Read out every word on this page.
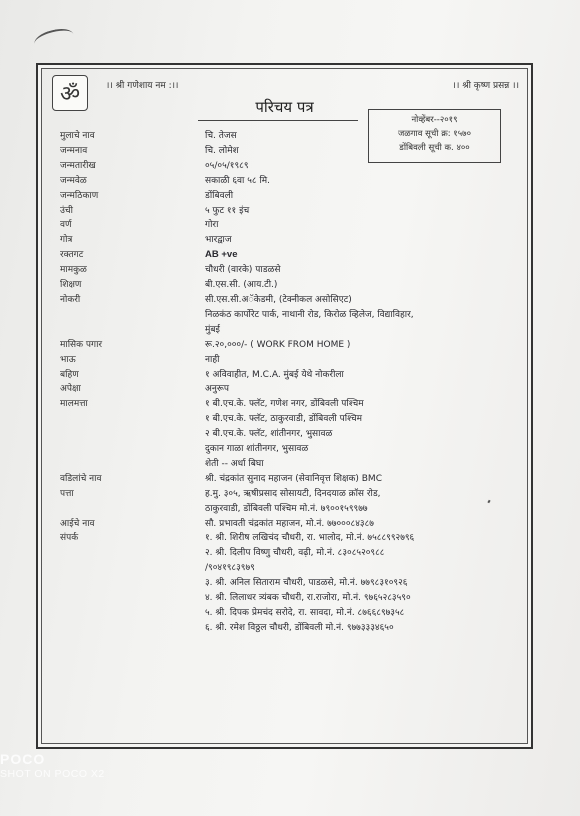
ॐ	।। श्री गणेशाय नम :।।	।। श्री कृष्ण प्रसन्न ।।
परिचय पत्र
नोव्हेंबर--२०१९
जळगाव सूची क्र: १५७०
डोंबिवली सूची क. ४००
मुलाचे नाव	चि. तेजस
जन्मनाव	चि. लोमेश
जन्मतारीख	०५/०५/१९८९
जन्मवेळ	सकाळी ६वा ५८ मि.
जन्मठिकाण	डोंबिवली
उंची	५ फुट ११ इंच
वर्ण	गोरा
गोत्र	भारद्वाज
रक्तगट	AB +ve
मामकुळ	चौधरी (वारके) पाडळसे
शिक्षण	बी.एस.सी. (आय.टी.)
नोकरी	सी.एस.सी.अॅकेडमी, (टेक्नीकल असोसिएट)
निळकंठ कार्पोरेट पार्क, नाथानी रोड, किरोळ व्हिलेज, विद्याविहार,
मुंबई
मासिक पगार	रू.२०,०००/- ( WORK FROM HOME )
भाऊ	नाही
बहिण	१ अविवाहीत, M.C.A. मुंबई येथे नोकरीला
अपेक्षा	अनुरूप
मालमत्ता	१ बी.एच.के. फ्लॅट, गणेश नगर, डोंबिवली पश्चिम
१ बी.एच.के. फ्लॅट, ठाकुरवाडी, डोंबिवली पश्चिम
२ बी.एच.के. फ्लॅट, शांतीनगर, भुसावळ
दुकान गाळा शांतीनगर, भुसावळ
शेती -- अर्धा बिघा
वडिलांचे नाव	श्री. चंद्रकांत सुनाद महाजन (सेवानिवृत्त शिक्षक) BMC
पत्ता	ह.मु. ३०५, ऋषीप्रसाद सोसायटी, दिनदयाळ क्रॉस रोड,
ठाकुरवाडी, डोंबिवली पश्चिम मो.नं. ७९००१५९९७७
आईचे नाव	सौ. प्रभावती चंद्रकांत महाजन, मो.नं. ७७०००८४३८७
संपर्क	१. श्री. शिरीष लखिचंद चौधरी, रा. भालोद, मो.नं. ७५८८९९२७९६
२. श्री. दिलीप विष्णु चौधरी, वढ़ी, मो.नं. ८३०८५२०९८८
/९०४१९८३९७९
३. श्री. अनिल सिताराम चौधरी, पाडळसे, मो.नं. ७७९८३१०९२६
४. श्री. लिलाधर त्र्यंबक चौधरी, रा.राजोरा, मो.नं. ९७६५२८३५९०
५. श्री. दिपक प्रेमचंद सरोदे, रा. सावदा, मो.नं. ८७६६८९७३५८
६. श्री. रमेश विठ्ठल चौधरी, डोंबिवली मो.नं. ९७७३३३४६५०
POCO
SHOT ON POCO X2
